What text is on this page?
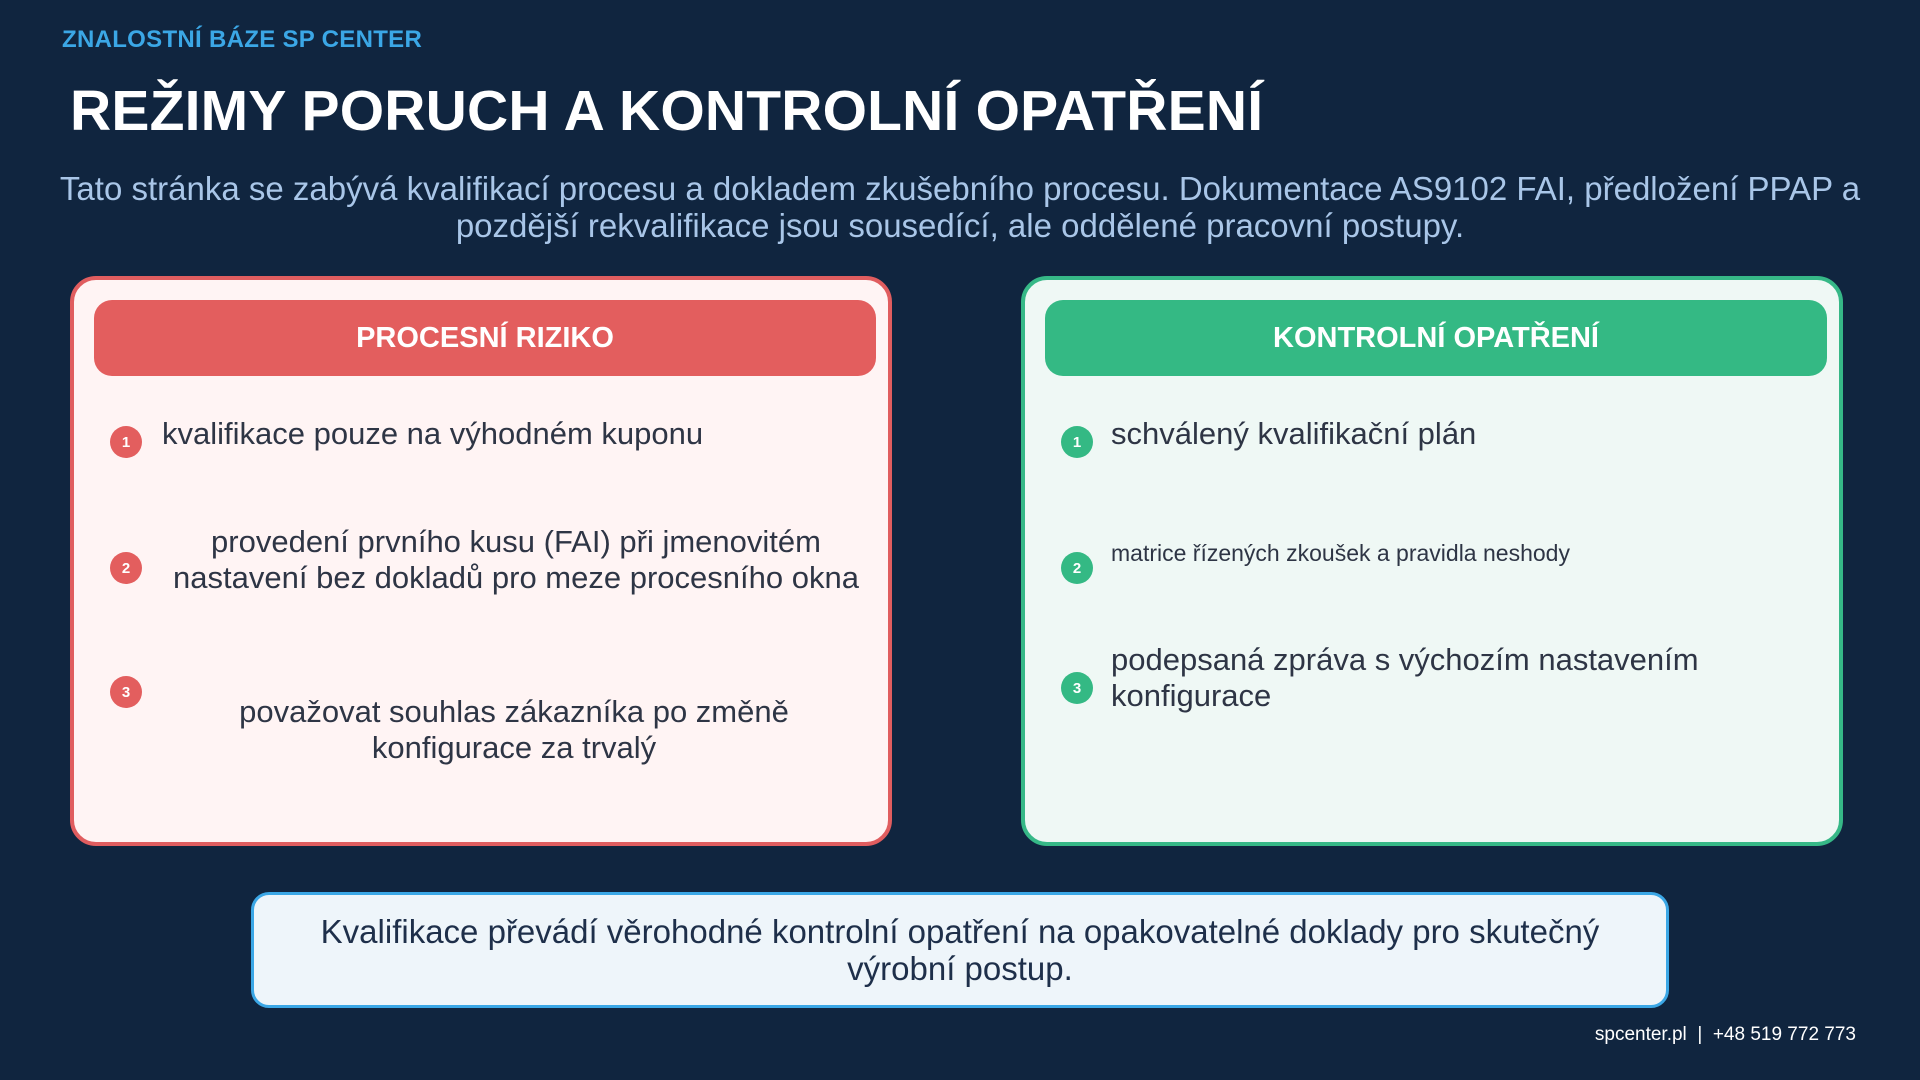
ZNALOSTNÍ BÁZE SP CENTER
REŽIMY PORUCH A KONTROLNÍ OPATŘENÍ
Tato stránka se zabývá kvalifikací procesu a dokladem zkušebního procesu. Dokumentace AS9102 FAI, předložení PPAP a pozdější rekvalifikace jsou sousedící, ale oddělené pracovní postupy.
PROCESNÍ RIZIKO
1	kvalifikace pouze na výhodném kuponu
2
provedení prvního kusu (FAI) při jmenovitém nastavení bez dokladů pro meze procesního okna
3
považovat souhlas zákazníka po změně konfigurace za trvalý
KONTROLNÍ OPATŘENÍ
1 schválený kvalifikační plán
2
matrice řízených zkoušek a pravidla neshody
3
podepsaná zpráva s výchozím nastavením konfigurace
Kvalifikace převádí věrohodné kontrolní opatření na opakovatelné doklady pro skutečný výrobní postup.
spcenter.pl  |  +48 519 772 773
